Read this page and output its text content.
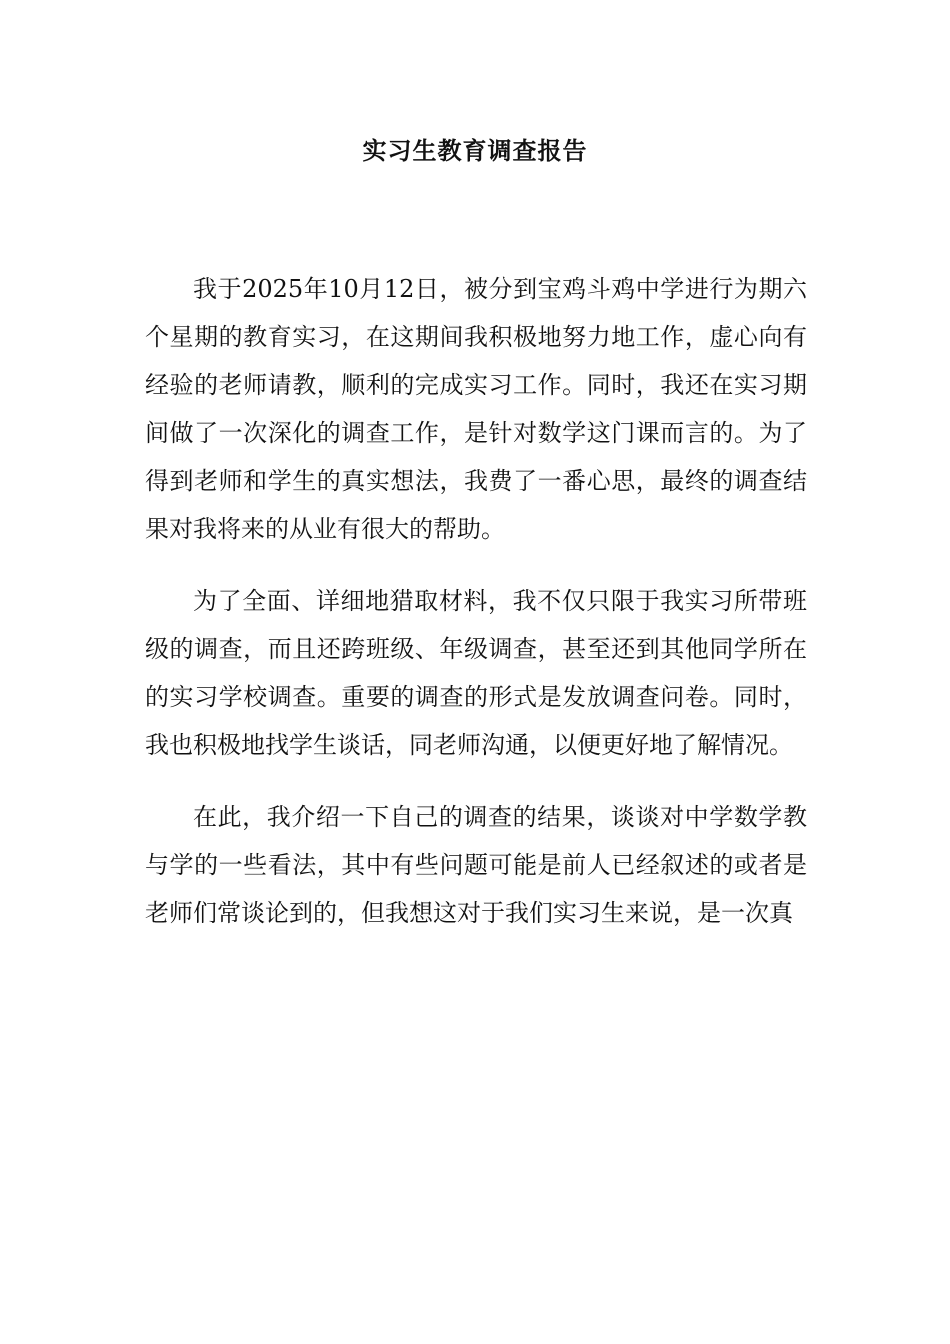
实习生教育调查报告

我于2025年10月12日，被分到宝鸡斗鸡中学进行为期六个星期的教育实习，在这期间我积极地努力地工作，虚心向有经验的老师请教，顺利的完成实习工作。同时，我还在实习期间做了一次深化的调查工作，是针对数学这门课而言的。为了得到老师和学生的真实想法，我费了一番心思，最终的调查结果对我将来的从业有很大的帮助。

为了全面、详细地猎取材料，我不仅只限于我实习所带班级的调查，而且还跨班级、年级调查，甚至还到其他同学所在的实习学校调查。重要的调查的形式是发放调查问卷。同时，我也积极地找学生谈话，同老师沟通，以便更好地了解情况。

在此，我介绍一下自己的调查的结果，谈谈对中学数学教与学的一些看法，其中有些问题可能是前人已经叙述的或者是老师们常谈论到的，但我想这对于我们实习生来说，是一次真
